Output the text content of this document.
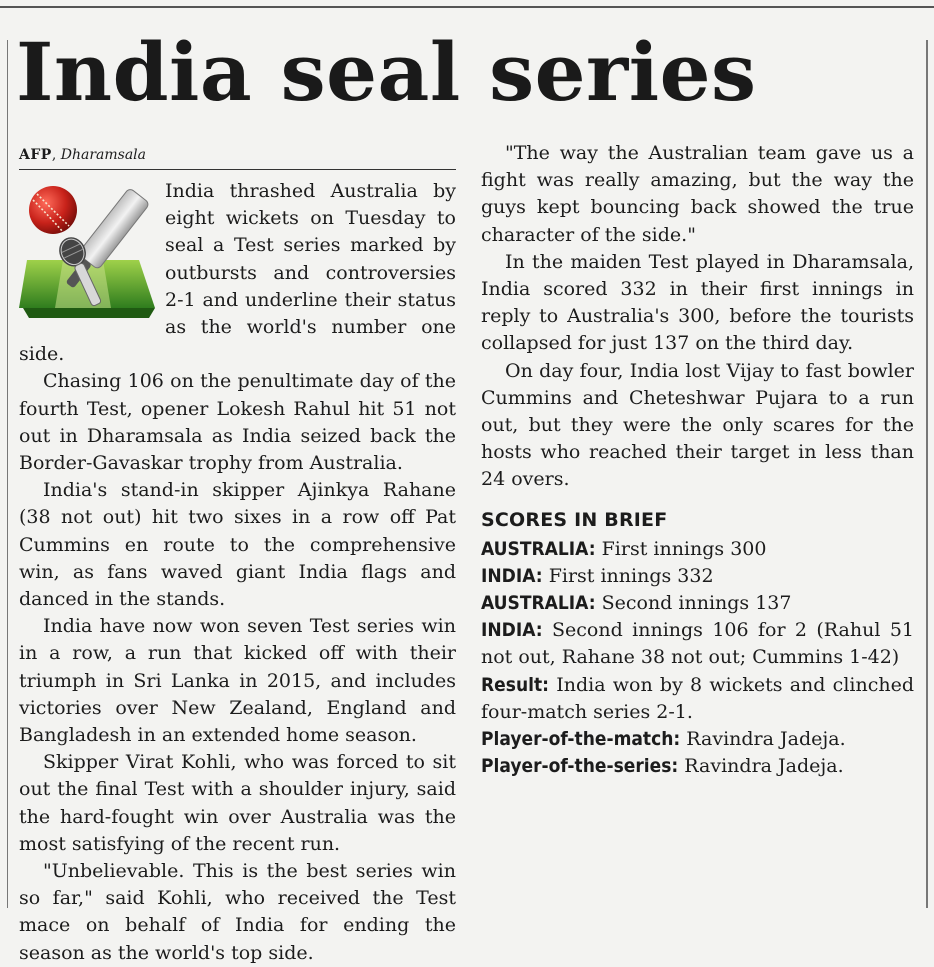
India seal series
AFP, Dharamsala

India thrashed Australia by eight wickets on Tuesday to seal a Test series marked by outbursts and controversies 2-1 and underline their status as the world's number one side.

Chasing 106 on the penultimate day of the fourth Test, opener Lokesh Rahul hit 51 not out in Dharamsala as India seized back the Border-Gavaskar trophy from Australia.

India's stand-in skipper Ajinkya Rahane (38 not out) hit two sixes in a row off Pat Cummins en route to the comprehensive win, as fans waved giant India flags and danced in the stands.

India have now won seven Test series win in a row, a run that kicked off with their triumph in Sri Lanka in 2015, and includes victories over New Zealand, England and Bangladesh in an extended home season.

Skipper Virat Kohli, who was forced to sit out the final Test with a shoulder injury, said the hard-fought win over Australia was the most satisfying of the recent run.

"Unbelievable. This is the best series win so far," said Kohli, who received the Test mace on behalf of India for ending the season as the world's top side.

"The way the Australian team gave us a fight was really amazing, but the way the guys kept bouncing back showed the true character of the side."

In the maiden Test played in Dharamsala, India scored 332 in their first innings in reply to Australia's 300, before the tourists collapsed for just 137 on the third day.

On day four, India lost Vijay to fast bowler Cummins and Cheteshwar Pujara to a run out, but they were the only scares for the hosts who reached their target in less than 24 overs.

SCORES IN BRIEF

AUSTRALIA: First innings 300

INDIA: First innings 332

AUSTRALIA: Second innings 137

INDIA: Second innings 106 for 2 (Rahul 51 not out, Rahane 38 not out; Cummins 1-42)

Result: India won by 8 wickets and clinched four-match series 2-1.

Player-of-the-match: Ravindra Jadeja.

Player-of-the-series: Ravindra Jadeja.
